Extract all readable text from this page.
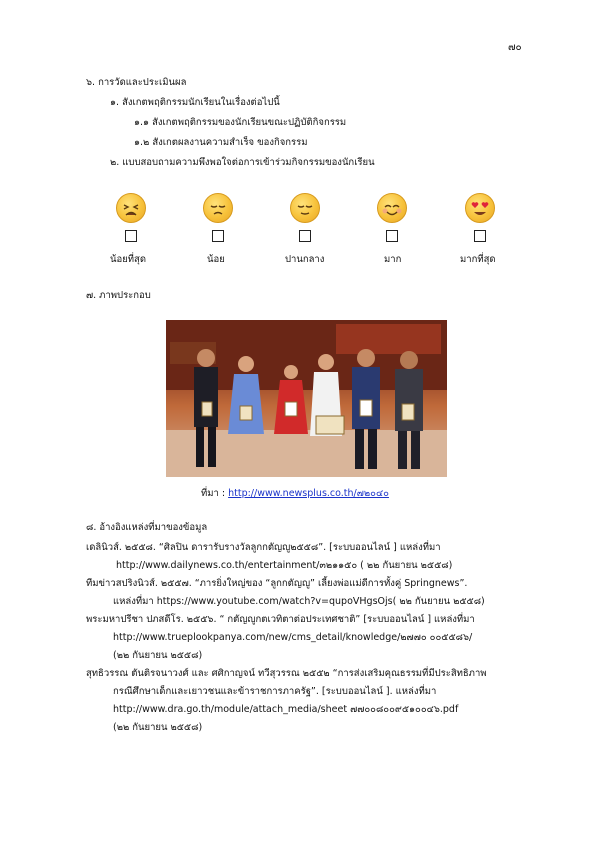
๗๐
๖. การวัดและประเมินผล
๑. สังเกตพฤติกรรมนักเรียนในเรื่องต่อไปนี้
๑.๑ สังเกตพฤติกรรมของนักเรียนขณะปฏิบัติกิจกรรม
๑.๒ สังเกตผลงานความสำเร็จ ของกิจกรรม
๒. แบบสอบถามความพึงพอใจต่อการเข้าร่วมกิจกรรมของนักเรียน
น้อยที่สุด	น้อย	ปานกลาง	มาก	มากที่สุด
๗. ภาพประกอบ
ที่มา : http://www.newsplus.co.th/๗๒๐๔๐
๘. อ้างอิงแหล่งที่มาของข้อมูล
เดลินิวส์. ๒๕๕๘. “ศิลปิน ดารารับรางวัลลูกกตัญญู๒๕๕๘”. [ระบบออนไลน์ ] แหล่งที่มา
http://www.dailynews.co.th/entertainment/๓๒๑๑๕๐ ( ๒๒ กันยายน ๒๕๕๘)
ทีมข่าวสปริงนิวส์. ๒๕๕๗. “ภารยิ่งใหญ่ของ “ลูกกตัญญู” เลี้ยงพ่อแม่ดีการทั้งคู่ Springnews”.
แหล่งที่มา https://www.youtube.com/watch?v=qupoVHgsOjs( ๒๒ กันยายน ๒๕๕๘)
พระมหาปรีชา ปภสดีโร. ๒๕๕๖. “ กตัญญูกตเวทิตาต่อประเทศชาติ” [ระบบออนไลน์ ] แหล่งที่มา
http://www.trueplookpanya.com/new/cms_detail/knowledge/๒๗๗๐ ๐๐๕๕๘๖/
(๒๒ กันยายน ๒๕๕๘)
สุทธิวรรณ ตันติรจนาวงศ์ และ ศศิกาญจน์ ทวีสุวรรณ ๒๕๕๒ “การส่งเสริมคุณธรรมที่มีประสิทธิภาพ
กรณีศึกษาเด็กและเยาวชนและข้าราชการภาครัฐ”. [ระบบออนไลน์ ]. แหล่งที่มา
http://www.dra.go.th/module/attach_media/sheet ๗๗๐๐๘๐๐๙๕๑๐๐๔๖.pdf
(๒๒ กันยายน ๒๕๕๘)
